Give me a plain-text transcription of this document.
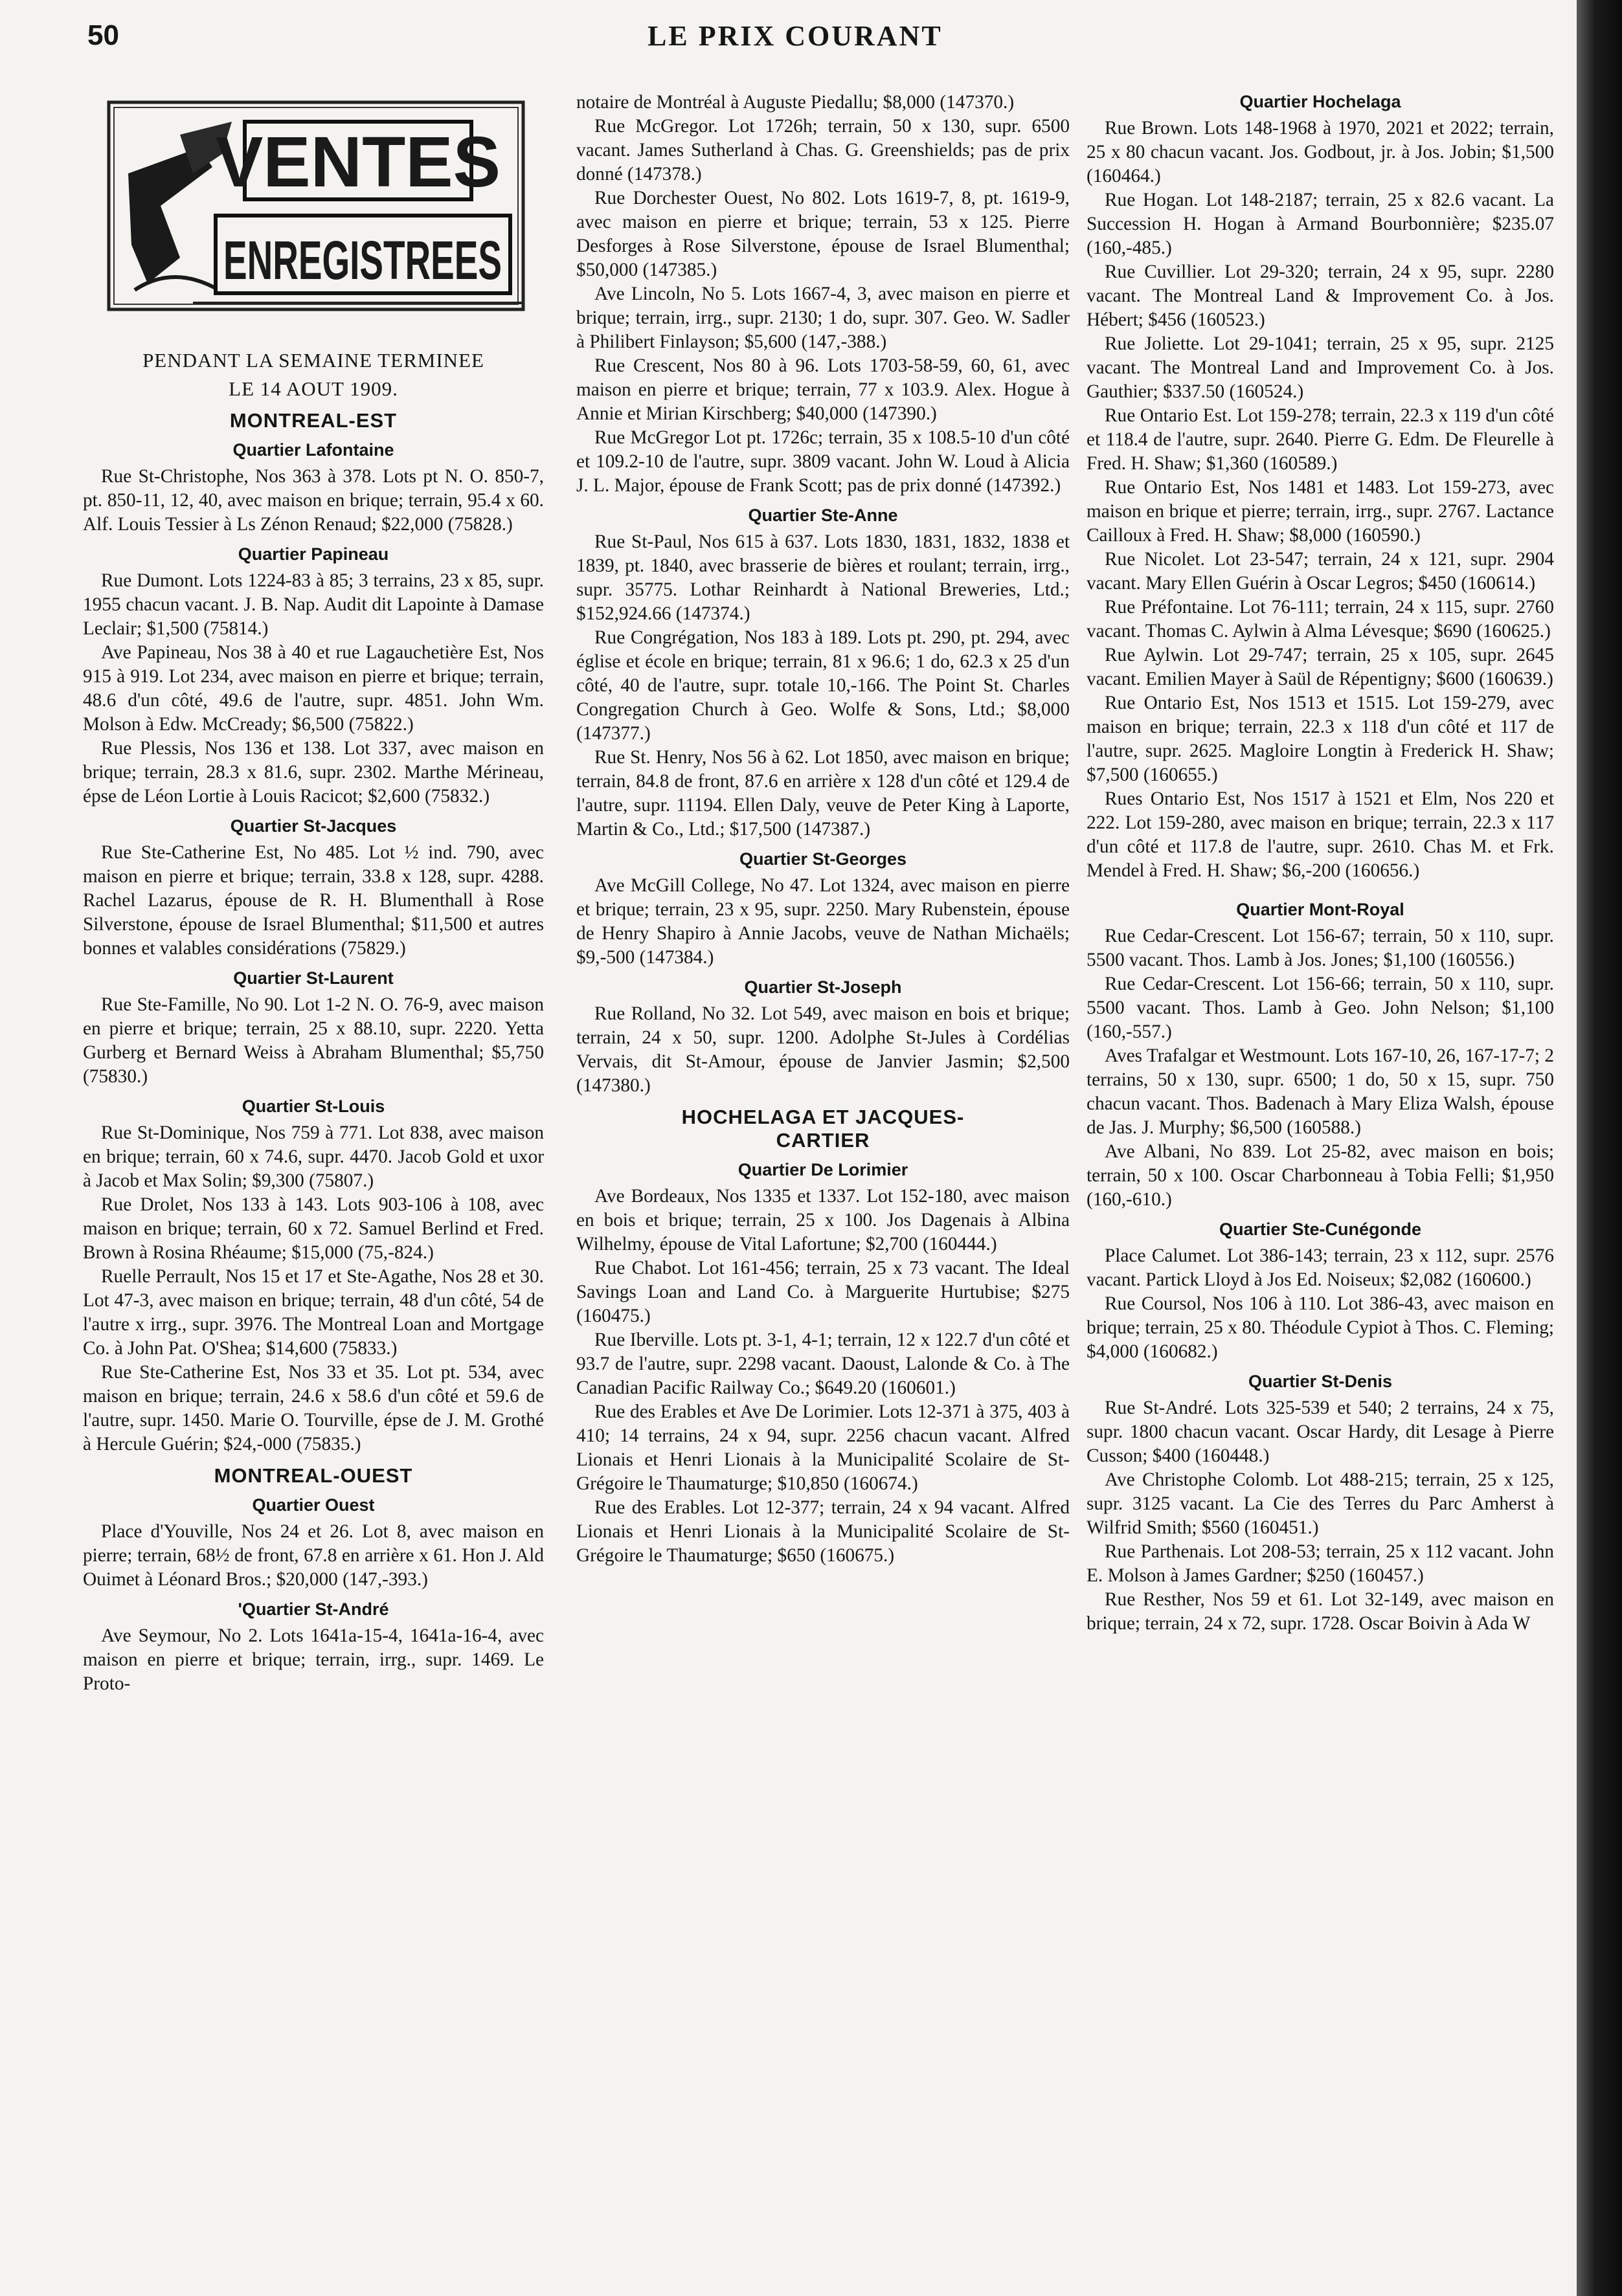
50	LE PRIX COURANT
VENTES
ENREGISTREES

PENDANT LA SEMAINE TERMINEE

LE 14 AOUT 1909.

MONTREAL-EST

Quartier Lafontaine

Rue St-Christophe, Nos 363 à 378. Lots pt N. O. 850-7, pt. 850-11, 12, 40, avec maison en brique; terrain, 95.4 x 60. Alf. Louis Tessier à Ls Zénon Renaud; $22,000 (75828.)

Quartier Papineau

Rue Dumont. Lots 1224-83 à 85; 3 terrains, 23 x 85, supr. 1955 chacun vacant. J. B. Nap. Audit dit Lapointe à Damase Leclair; $1,500 (75814.)

Ave Papineau, Nos 38 à 40 et rue Lagauchetière Est, Nos 915 à 919. Lot 234, avec maison en pierre et brique; terrain, 48.6 d'un côté, 49.6 de l'autre, supr. 4851. John Wm. Molson à Edw. McCready; $6,500 (75822.)

Rue Plessis, Nos 136 et 138. Lot 337, avec maison en brique; terrain, 28.3 x 81.6, supr. 2302. Marthe Mérineau, épse de Léon Lortie à Louis Racicot; $2,600 (75832.)

Quartier St-Jacques

Rue Ste-Catherine Est, No 485. Lot ½ ind. 790, avec maison en pierre et brique; terrain, 33.8 x 128, supr. 4288. Rachel Lazarus, épouse de R. H. Blumenthall à Rose Silverstone, épouse de Israel Blumenthal; $11,500 et autres bonnes et valables considérations (75829.)

Quartier St-Laurent

Rue Ste-Famille, No 90. Lot 1-2 N. O. 76-9, avec maison en pierre et brique; terrain, 25 x 88.10, supr. 2220. Yetta Gurberg et Bernard Weiss à Abraham Blumenthal; $5,750 (75830.)

Quartier St-Louis

Rue St-Dominique, Nos 759 à 771. Lot 838, avec maison en brique; terrain, 60 x 74.6, supr. 4470. Jacob Gold et uxor à Jacob et Max Solin; $9,300 (75807.)

Rue Drolet, Nos 133 à 143. Lots 903-106 à 108, avec maison en brique; terrain, 60 x 72. Samuel Berlind et Fred. Brown à Rosina Rhéaume; $15,000 (75,-824.)

Ruelle Perrault, Nos 15 et 17 et Ste-Agathe, Nos 28 et 30. Lot 47-3, avec maison en brique; terrain, 48 d'un côté, 54 de l'autre x irrg., supr. 3976. The Montreal Loan and Mortgage Co. à John Pat. O'Shea; $14,600 (75833.)

Rue Ste-Catherine Est, Nos 33 et 35. Lot pt. 534, avec maison en brique; terrain, 24.6 x 58.6 d'un côté et 59.6 de l'autre, supr. 1450. Marie O. Tourville, épse de J. M. Grothé à Hercule Guérin; $24,-000 (75835.)

MONTREAL-OUEST

Quartier Ouest

Place d'Youville, Nos 24 et 26. Lot 8, avec maison en pierre; terrain, 68½ de front, 67.8 en arrière x 61. Hon J. Ald Ouimet à Léonard Bros.; $20,000 (147,-393.)

'Quartier St-André

Ave Seymour, No 2. Lots 1641a-15-4, 1641a-16-4, avec maison en pierre et brique; terrain, irrg., supr. 1469. Le Proto-

notaire de Montréal à Auguste Piedallu; $8,000 (147370.)

Rue McGregor. Lot 1726h; terrain, 50 x 130, supr. 6500 vacant. James Sutherland à Chas. G. Greenshields; pas de prix donné (147378.)

Rue Dorchester Ouest, No 802. Lots 1619-7, 8, pt. 1619-9, avec maison en pierre et brique; terrain, 53 x 125. Pierre Desforges à Rose Silverstone, épouse de Israel Blumenthal; $50,000 (147385.)

Ave Lincoln, No 5. Lots 1667-4, 3, avec maison en pierre et brique; terrain, irrg., supr. 2130; 1 do, supr. 307. Geo. W. Sadler à Philibert Finlayson; $5,600 (147,-388.)

Rue Crescent, Nos 80 à 96. Lots 1703-58-59, 60, 61, avec maison en pierre et brique; terrain, 77 x 103.9. Alex. Hogue à Annie et Mirian Kirschberg; $40,000 (147390.)

Rue McGregor Lot pt. 1726c; terrain, 35 x 108.5-10 d'un côté et 109.2-10 de l'autre, supr. 3809 vacant. John W. Loud à Alicia J. L. Major, épouse de Frank Scott; pas de prix donné (147392.)

Quartier Ste-Anne

Rue St-Paul, Nos 615 à 637. Lots 1830, 1831, 1832, 1838 et 1839, pt. 1840, avec brasserie de bières et roulant; terrain, irrg., supr. 35775. Lothar Reinhardt à National Breweries, Ltd.; $152,924.66 (147374.)

Rue Congrégation, Nos 183 à 189. Lots pt. 290, pt. 294, avec église et école en brique; terrain, 81 x 96.6; 1 do, 62.3 x 25 d'un côté, 40 de l'autre, supr. totale 10,-166. The Point St. Charles Congregation Church à Geo. Wolfe & Sons, Ltd.; $8,000 (147377.)

Rue St. Henry, Nos 56 à 62. Lot 1850, avec maison en brique; terrain, 84.8 de front, 87.6 en arrière x 128 d'un côté et 129.4 de l'autre, supr. 11194. Ellen Daly, veuve de Peter King à Laporte, Martin & Co., Ltd.; $17,500 (147387.)

Quartier St-Georges

Ave McGill College, No 47. Lot 1324, avec maison en pierre et brique; terrain, 23 x 95, supr. 2250. Mary Rubenstein, épouse de Henry Shapiro à Annie Jacobs, veuve de Nathan Michaëls; $9,-500 (147384.)

Quartier St-Joseph

Rue Rolland, No 32. Lot 549, avec maison en bois et brique; terrain, 24 x 50, supr. 1200. Adolphe St-Jules à Cordélias Vervais, dit St-Amour, épouse de Janvier Jasmin; $2,500 (147380.)

HOCHELAGA ET JACQUES-

CARTIER

Quartier De Lorimier

Ave Bordeaux, Nos 1335 et 1337. Lot 152-180, avec maison en bois et brique; terrain, 25 x 100. Jos Dagenais à Albina Wilhelmy, épouse de Vital Lafortune; $2,700 (160444.)

Rue Chabot. Lot 161-456; terrain, 25 x 73 vacant. The Ideal Savings Loan and Land Co. à Marguerite Hurtubise; $275 (160475.)

Rue Iberville. Lots pt. 3-1, 4-1; terrain, 12 x 122.7 d'un côté et 93.7 de l'autre, supr. 2298 vacant. Daoust, Lalonde & Co. à The Canadian Pacific Railway Co.; $649.20 (160601.)

Rue des Erables et Ave De Lorimier. Lots 12-371 à 375, 403 à 410; 14 terrains, 24 x 94, supr. 2256 chacun vacant. Alfred Lionais et Henri Lionais à la Municipalité Scolaire de St-Grégoire le Thaumaturge; $10,850 (160674.)

Rue des Erables. Lot 12-377; terrain, 24 x 94 vacant. Alfred Lionais et Henri Lionais à la Municipalité Scolaire de St-Grégoire le Thaumaturge; $650 (160675.)

Quartier Hochelaga

Rue Brown. Lots 148-1968 à 1970, 2021 et 2022; terrain, 25 x 80 chacun vacant. Jos. Godbout, jr. à Jos. Jobin; $1,500 (160464.)

Rue Hogan. Lot 148-2187; terrain, 25 x 82.6 vacant. La Succession H. Hogan à Armand Bourbonnière; $235.07 (160,-485.)

Rue Cuvillier. Lot 29-320; terrain, 24 x 95, supr. 2280 vacant. The Montreal Land & Improvement Co. à Jos. Hébert; $456 (160523.)

Rue Joliette. Lot 29-1041; terrain, 25 x 95, supr. 2125 vacant. The Montreal Land and Improvement Co. à Jos. Gauthier; $337.50 (160524.)

Rue Ontario Est. Lot 159-278; terrain, 22.3 x 119 d'un côté et 118.4 de l'autre, supr. 2640. Pierre G. Edm. De Fleurelle à Fred. H. Shaw; $1,360 (160589.)

Rue Ontario Est, Nos 1481 et 1483. Lot 159-273, avec maison en brique et pierre; terrain, irrg., supr. 2767. Lactance Cailloux à Fred. H. Shaw; $8,000 (160590.)

Rue Nicolet. Lot 23-547; terrain, 24 x 121, supr. 2904 vacant. Mary Ellen Guérin à Oscar Legros; $450 (160614.)

Rue Préfontaine. Lot 76-111; terrain, 24 x 115, supr. 2760 vacant. Thomas C. Aylwin à Alma Lévesque; $690 (160625.)

Rue Aylwin. Lot 29-747; terrain, 25 x 105, supr. 2645 vacant. Emilien Mayer à Saül de Répentigny; $600 (160639.)

Rue Ontario Est, Nos 1513 et 1515. Lot 159-279, avec maison en brique; terrain, 22.3 x 118 d'un côté et 117 de l'autre, supr. 2625. Magloire Longtin à Frederick H. Shaw; $7,500 (160655.)

Rues Ontario Est, Nos 1517 à 1521 et Elm, Nos 220 et 222. Lot 159-280, avec maison en brique; terrain, 22.3 x 117 d'un côté et 117.8 de l'autre, supr. 2610. Chas M. et Frk. Mendel à Fred. H. Shaw; $6,-200 (160656.)

Quartier Mont-Royal

Rue Cedar-Crescent. Lot 156-67; terrain, 50 x 110, supr. 5500 vacant. Thos. Lamb à Jos. Jones; $1,100 (160556.)

Rue Cedar-Crescent. Lot 156-66; terrain, 50 x 110, supr. 5500 vacant. Thos. Lamb à Geo. John Nelson; $1,100 (160,-557.)

Aves Trafalgar et Westmount. Lots 167-10, 26, 167-17-7; 2 terrains, 50 x 130, supr. 6500; 1 do, 50 x 15, supr. 750 chacun vacant. Thos. Badenach à Mary Eliza Walsh, épouse de Jas. J. Murphy; $6,500 (160588.)

Ave Albani, No 839. Lot 25-82, avec maison en bois; terrain, 50 x 100. Oscar Charbonneau à Tobia Felli; $1,950 (160,-610.)

Quartier Ste-Cunégonde

Place Calumet. Lot 386-143; terrain, 23 x 112, supr. 2576 vacant. Partick Lloyd à Jos Ed. Noiseux; $2,082 (160600.)

Rue Coursol, Nos 106 à 110. Lot 386-43, avec maison en brique; terrain, 25 x 80. Théodule Cypiot à Thos. C. Fleming; $4,000 (160682.)

Quartier St-Denis

Rue St-André. Lots 325-539 et 540; 2 terrains, 24 x 75, supr. 1800 chacun vacant. Oscar Hardy, dit Lesage à Pierre Cusson; $400 (160448.)

Ave Christophe Colomb. Lot 488-215; terrain, 25 x 125, supr. 3125 vacant. La Cie des Terres du Parc Amherst à Wilfrid Smith; $560 (160451.)

Rue Parthenais. Lot 208-53; terrain, 25 x 112 vacant. John E. Molson à James Gardner; $250 (160457.)

Rue Resther, Nos 59 et 61. Lot 32-149, avec maison en brique; terrain, 24 x 72, supr. 1728. Oscar Boivin à Ada W
